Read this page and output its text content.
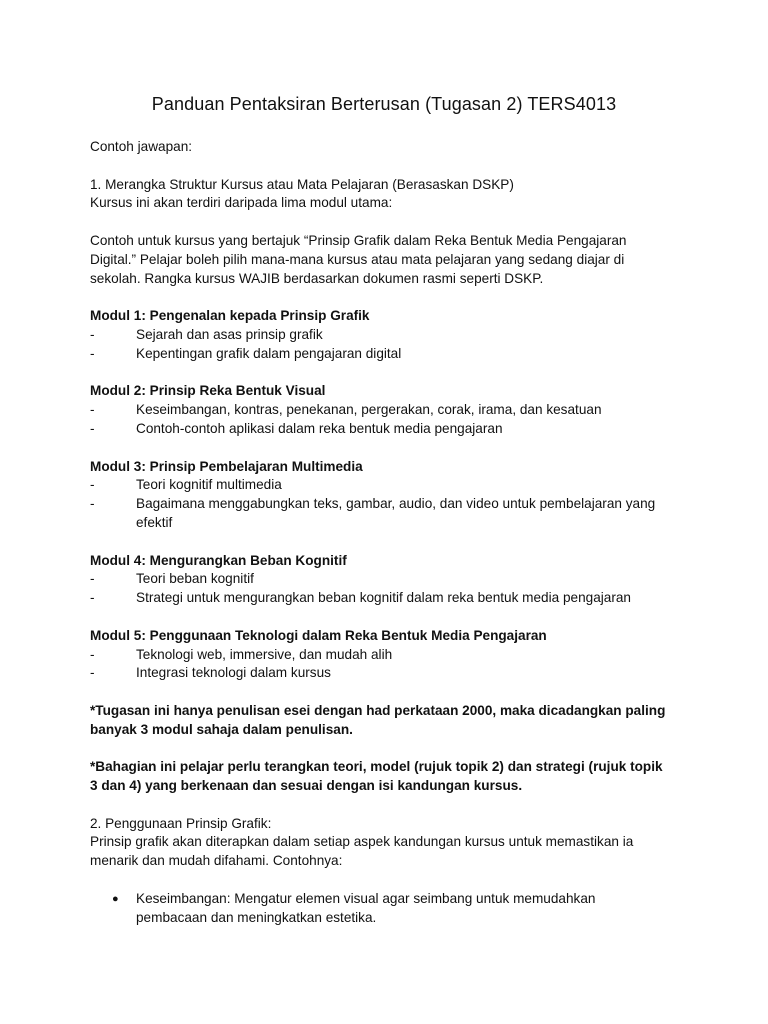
Panduan Pentaksiran Berterusan (Tugasan 2) TERS4013

Contoh jawapan:

1. Merangka Struktur Kursus atau Mata Pelajaran (Berasaskan DSKP)

Kursus ini akan terdiri daripada lima modul utama:

Contoh untuk kursus yang bertajuk “Prinsip Grafik dalam Reka Bentuk Media Pengajaran

Digital.” Pelajar boleh pilih mana-mana kursus atau mata pelajaran yang sedang diajar di

sekolah. Rangka kursus WAJIB berdasarkan dokumen rasmi seperti DSKP.

Modul 1: Pengenalan kepada Prinsip Grafik

-	Sejarah dan asas prinsip grafik
-	Kepentingan grafik dalam pengajaran digital

Modul 2: Prinsip Reka Bentuk Visual

-	Keseimbangan, kontras, penekanan, pergerakan, corak, irama, dan kesatuan
-	Contoh-contoh aplikasi dalam reka bentuk media pengajaran

Modul 3: Prinsip Pembelajaran Multimedia

-	Teori kognitif multimedia
-	Bagaimana menggabungkan teks, gambar, audio, dan video untuk pembelajaran yang
efektif

Modul 4: Mengurangkan Beban Kognitif

-	Teori beban kognitif
-	Strategi untuk mengurangkan beban kognitif dalam reka bentuk media pengajaran

Modul 5: Penggunaan Teknologi dalam Reka Bentuk Media Pengajaran

-	Teknologi web, immersive, dan mudah alih
-	Integrasi teknologi dalam kursus

*Tugasan ini hanya penulisan esei dengan had perkataan 2000, maka dicadangkan paling

banyak 3 modul sahaja dalam penulisan.

*Bahagian ini pelajar perlu terangkan teori, model (rujuk topik 2) dan strategi (rujuk topik

3 dan 4) yang berkenaan dan sesuai dengan isi kandungan kursus.

2. Penggunaan Prinsip Grafik:

Prinsip grafik akan diterapkan dalam setiap aspek kandungan kursus untuk memastikan ia

menarik dan mudah difahami. Contohnya:

●	Keseimbangan: Mengatur elemen visual agar seimbang untuk memudahkan
pembacaan dan meningkatkan estetika.
